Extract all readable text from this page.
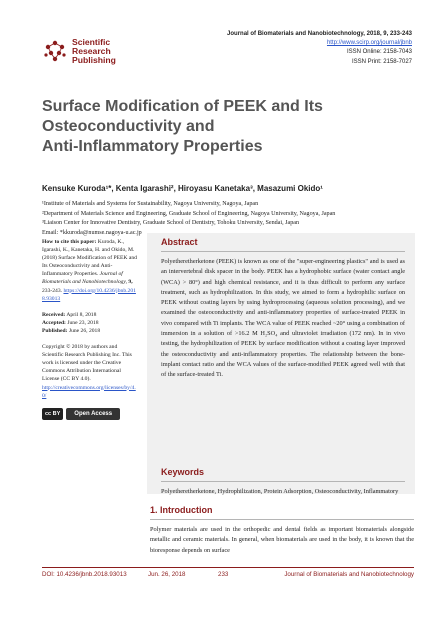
Scientific
Research
Publishing
Journal of Biomaterials and Nanobiotechnology, 2018, 9, 233-243
http://www.scirp.org/journal/jbnb
ISSN Online: 2158-7043
ISSN Print: 2158-7027
Surface Modification of PEEK and Its
Osteoconductivity and
Anti-Inflammatory Properties
Kensuke Kuroda¹*, Kenta Igarashi², Hiroyasu Kanetaka³, Masazumi Okido¹
¹Institute of Materials and Systems for Sustainability, Nagoya University, Nagoya, Japan
²Department of Materials Science and Engineering, Graduate School of Engineering, Nagoya University, Nagoya, Japan
³Liaison Center for Innovative Dentistry, Graduate School of Dentistry, Tohoku University, Sendai, Japan
Email: *kkuroda@numse.nagoya-u.ac.jp

How to cite this paper: Kuroda, K., Igarashi, K., Kanetaka, H. and Okido, M. (2018) Surface Modification of PEEK and Its Osteoconductivity and Anti-Inflammatory Properties. Journal of Biomaterials and Nanobiotechnology, 9, 233-243. https://doi.org/10.4236/jbnb.2018.93013

Received: April 8, 2018
Accepted: June 23, 2018
Published: June 26, 2018

Copyright © 2018 by authors and Scientific Research Publishing Inc. This work is licensed under the Creative Commons Attribution International License (CC BY 4.0).
http://creativecommons.org/licenses/by/4.0/

cc BY	Open Access
Abstract
Polyetheretherketone (PEEK) is known as one of the "super-engineering plastics" and is used as an intervertebral disk spacer in the body. PEEK has a hydrophobic surface (water contact angle (WCA) > 80°) and high chemical resistance, and it is thus difficult to perform any surface treatment, such as hydrophilization. In this study, we aimed to form a hydrophilic surface on PEEK without coating layers by using hydroprocessing (aqueous solution processing), and we examined the osteoconductivity and anti-inflammatory properties of surface-treated PEEK in vivo compared with Ti implants. The WCA value of PEEK reached ~20° using a combination of immersion in a solution of >16.2 M H₂SO₄ and ultraviolet irradiation (172 nm). In in vivo testing, the hydrophilization of PEEK by surface modification without a coating layer improved the osteoconductivity and anti-inflammatory properties. The relationship between the bone-implant contact ratio and the WCA values of the surface-modified PEEK agreed well with that of the surface-treated Ti.
Keywords
Polyetheretherketone, Hydrophilization, Protein Adsorption, Osteoconductivity, Inflammatory
1. Introduction
Polymer materials are used in the orthopedic and dental fields as important biomaterials alongside metallic and ceramic materials. In general, when biomaterials are used in the body, it is known that the bioresponse depends on surface
DOI: 10.4236/jbnb.2018.93013	Jun. 26, 2018	233	Journal of Biomaterials and Nanobiotechnology
